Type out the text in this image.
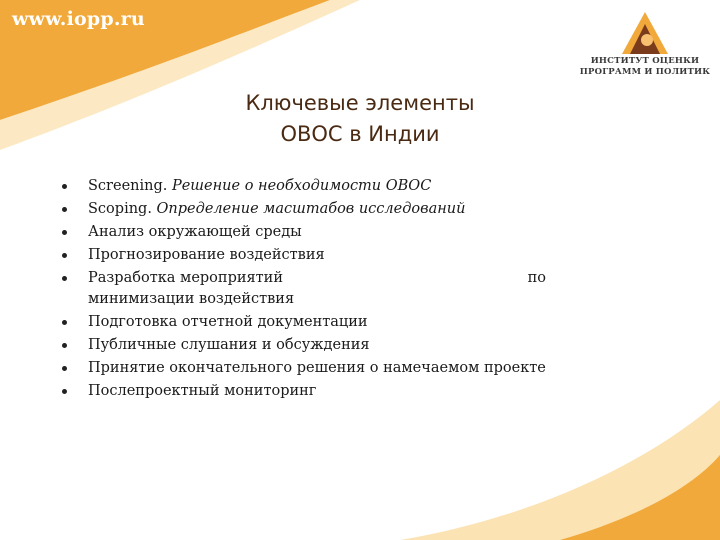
www.iopp.ru
ИНСТИТУТ ОЦЕНКИ
ПРОГРАММ И ПОЛИТИК
Ключевые элементы
ОВОС в Индии
Screening. Решение о необходимости ОВОС
Scoping. Определение масштабов исследований
Анализ окружающей среды
Прогнозирование воздействия
Разработка мероприятий	по
минимизации воздействия
Подготовка отчетной документации
Публичные слушания и обсуждения
Принятие окончательного решения о намечаемом проекте
Послепроектный мониторинг
